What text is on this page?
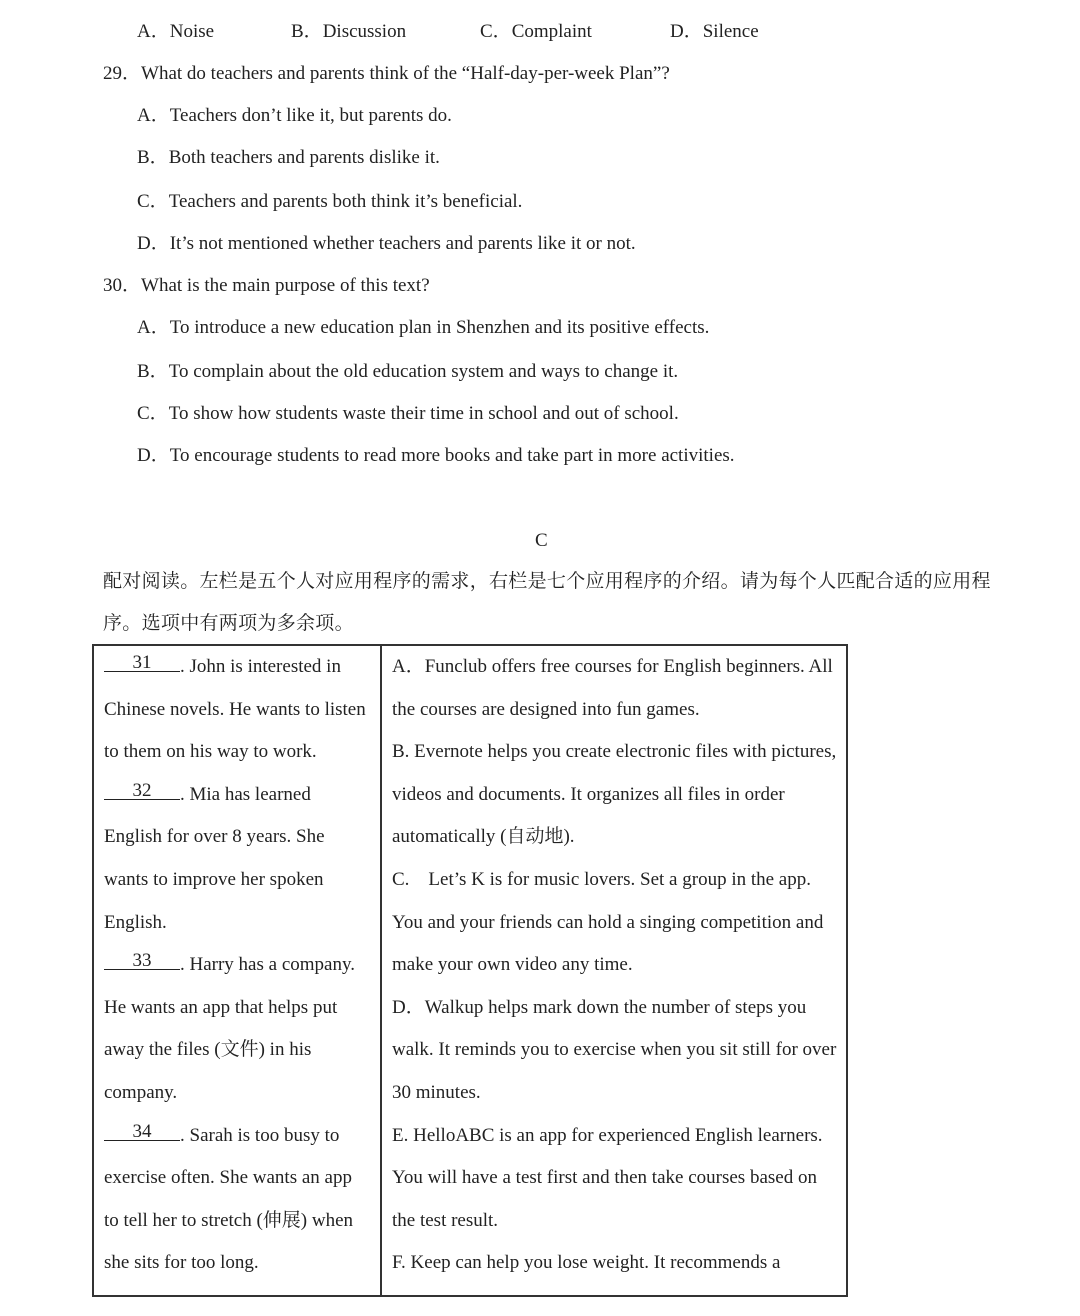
A．Noise	B．Discussion	C．Complaint	D．Silence
29．What do teachers and parents think of the “Half-day-per-week Plan”?
A．Teachers don’t like it, but parents do.
B．Both teachers and parents dislike it.
C．Teachers and parents both think it’s beneficial.
D．It’s not mentioned whether teachers and parents like it or not.
30．What is the main purpose of this text?
A．To introduce a new education plan in Shenzhen and its positive effects.
B．To complain about the old education system and ways to change it.
C．To show how students waste their time in school and out of school.
D．To encourage students to read more books and take part in more activities.
C
配对阅读。左栏是五个人对应用程序的需求，右栏是七个应用程序的介绍。请为每个人匹配合适的应用程
序。选项中有两项为多余项。
31 . John is interested in
Chinese novels. He wants to listen
to them on his way to work.
32 . Mia has learned
English for over 8 years. She
wants to improve her spoken
English.
33 . Harry has a company.
He wants an app that helps put
away the files (文件) in his
company.
34 . Sarah is too busy to
exercise often. She wants an app
to tell her to stretch (伸展) when
she sits for too long.

A．Funclub offers free courses for English beginners. All
the courses are designed into fun games.
B. Evernote helps you create electronic files with pictures,
videos and documents. It organizes all files in order
automatically (自动地).
C.　Let’s K is for music lovers. Set a group in the app.
You and your friends can hold a singing competition and
make your own video any time.
D．Walkup helps mark down the number of steps you
walk. It reminds you to exercise when you sit still for over
30 minutes.
E. HelloABC is an app for experienced English learners.
You will have a test first and then take courses based on
the test result.
F. Keep can help you lose weight. It recommends a
